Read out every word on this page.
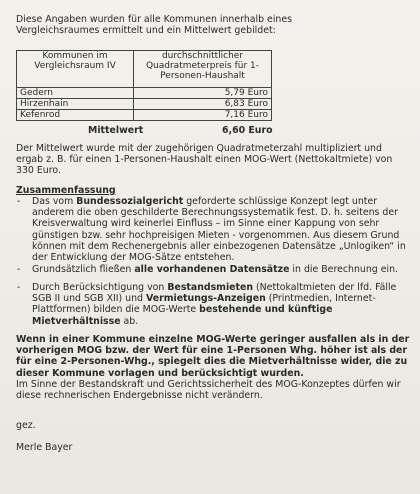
Diese Angaben wurden für alle Kommunen innerhalb eines Vergleichsraumes ermittelt und ein Mittelwert gebildet:

Kommunen im Vergleichsraum IV	durchschnittlicher Quadratmeterpreis für 1-Personen-Haushalt
Gedern	5,79 Euro
Hirzenhain	6,83 Euro
Kefenrod	7,16 Euro
Mittelwert	6,60 Euro

Der Mittelwert wurde mit der zugehörigen Quadratmeterzahl multipliziert und ergab z. B. für einen 1-Personen-Haushalt einen MOG-Wert (Nettokaltmiete) von 330 Euro.

Zusammenfassung

- Das vom Bundessozialgericht geforderte schlüssige Konzept legt unter anderem die oben geschilderte Berechnungssystematik fest. D. h. seitens der Kreisverwaltung wird keinerlei Einfluss – im Sinne einer Kappung von sehr günstigen bzw. sehr hochpreisigen Mieten - vorgenommen. Aus diesem Grund können mit dem Rechenergebnis aller einbezogenen Datensätze „Unlogiken“ in der Entwicklung der MOG-Sätze entstehen.
- Grundsätzlich fließen alle vorhandenen Datensätze in die Berechnung ein.
- Durch Berücksichtigung von Bestandsmieten (Nettokaltmieten der lfd. Fälle SGB II und SGB XII) und Vermietungs-Anzeigen (Printmedien, Internet-Plattformen) bilden die MOG-Werte bestehende und künftige Mietverhältnisse ab.

Wenn in einer Kommune einzelne MOG-Werte geringer ausfallen als in der vorherigen MOG bzw. der Wert für eine 1-Personen Whg. höher ist als der für eine 2-Personen-Whg., spiegelt dies die Mietverhältnisse wider, die zu dieser Kommune vorlagen und berücksichtigt wurden.

Im Sinne der Bestandskraft und Gerichtssicherheit des MOG-Konzeptes dürfen wir diese rechnerischen Endergebnisse nicht verändern.

gez.

Merle Bayer
